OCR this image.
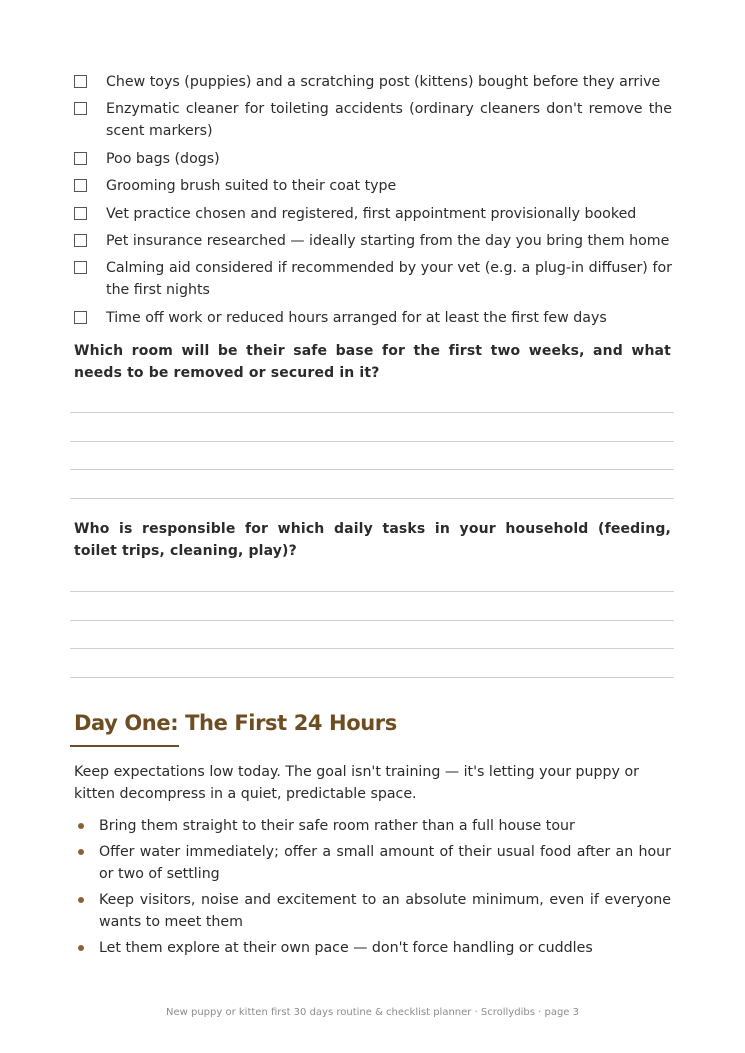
Chew toys (puppies) and a scratching post (kittens) bought before they arrive
Enzymatic cleaner for toileting accidents (ordinary cleaners don't remove the scent markers)
Poo bags (dogs)
Grooming brush suited to their coat type
Vet practice chosen and registered, first appointment provisionally booked
Pet insurance researched — ideally starting from the day you bring them home
Calming aid considered if recommended by your vet (e.g. a plug-in diffuser) for the first nights
Time off work or reduced hours arranged for at least the first few days
Which room will be their safe base for the first two weeks, and what needs to be removed or secured in it?
Who is responsible for which daily tasks in your household (feeding, toilet trips, cleaning, play)?
Day One: The First 24 Hours

Keep expectations low today. The goal isn't training — it's letting your puppy or kitten decompress in a quiet, predictable space.

Bring them straight to their safe room rather than a full house tour
Offer water immediately; offer a small amount of their usual food after an hour or two of settling
Keep visitors, noise and excitement to an absolute minimum, even if everyone wants to meet them
Let them explore at their own pace — don't force handling or cuddles
New puppy or kitten first 30 days routine & checklist planner · Scrollydibs · page 3
